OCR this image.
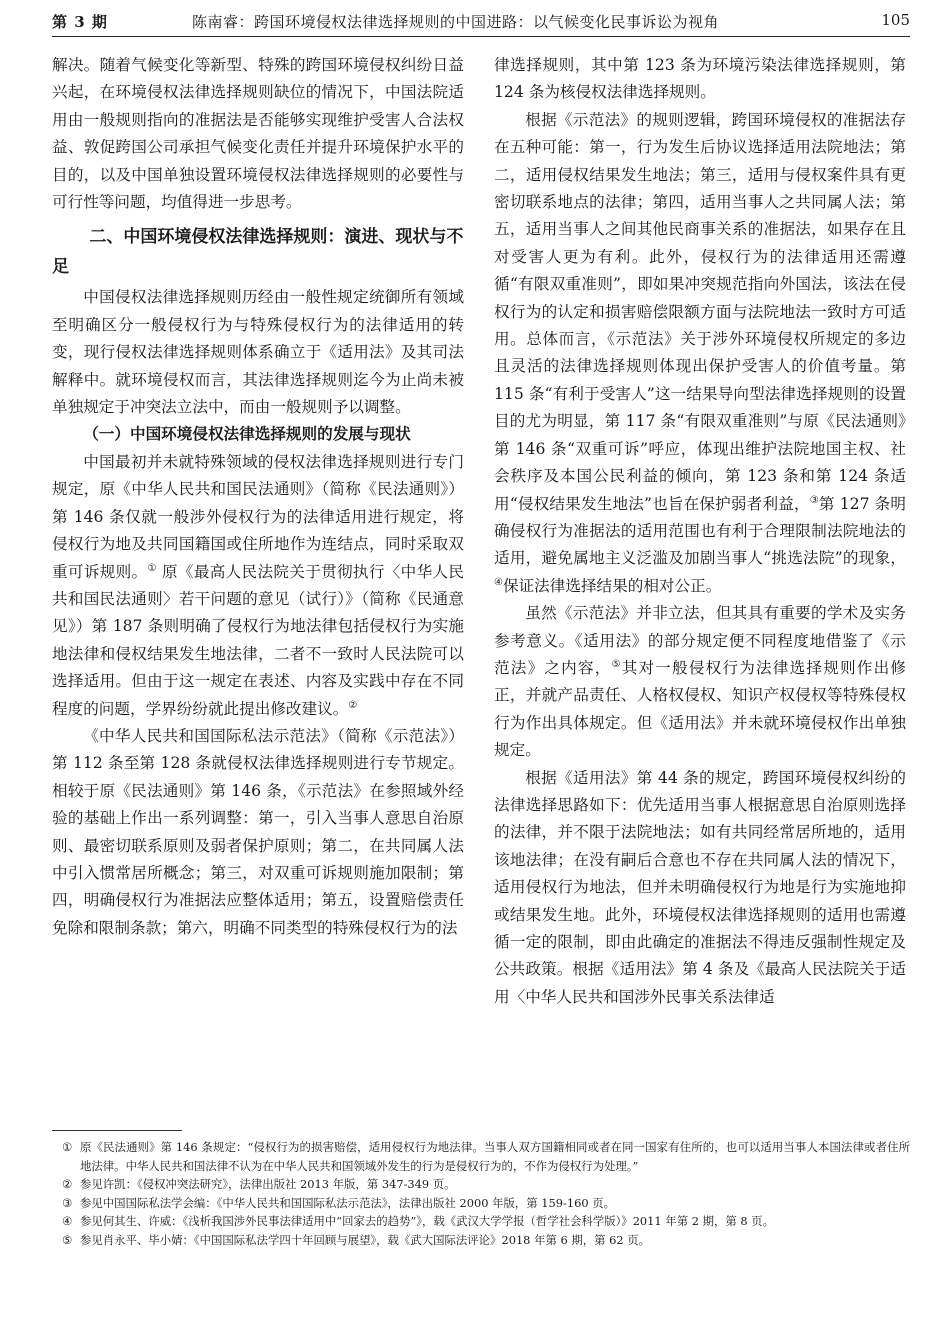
第 3 期	陈南睿：跨国环境侵权法律选择规则的中国进路：以气候变化民事诉讼为视角	105

解决。随着气候变化等新型、特殊的跨国环境侵权纠纷日益兴起，在环境侵权法律选择规则缺位的情况下，中国法院适用由一般规则指向的准据法是否能够实现维护受害人合法权益、敦促跨国公司承担气候变化责任并提升环境保护水平的目的，以及中国单独设置环境侵权法律选择规则的必要性与可行性等问题，均值得进一步思考。

二、中国环境侵权法律选择规则：演进、现状与不足

中国侵权法律选择规则历经由一般性规定统御所有领域至明确区分一般侵权行为与特殊侵权行为的法律适用的转变，现行侵权法律选择规则体系确立于《适用法》及其司法解释中。就环境侵权而言，其法律选择规则迄今为止尚未被单独规定于冲突法立法中，而由一般规则予以调整。

（一）中国环境侵权法律选择规则的发展与现状

中国最初并未就特殊领域的侵权法律选择规则进行专门规定，原《中华人民共和国民法通则》（简称《民法通则》）第 146 条仅就一般涉外侵权行为的法律适用进行规定，将侵权行为地及共同国籍国或住所地作为连结点，同时采取双重可诉规则。① 原《最高人民法院关于贯彻执行〈中华人民共和国民法通则〉若干问题的意见（试行）》（简称《民通意见》）第 187 条则明确了侵权行为地法律包括侵权行为实施地法律和侵权结果发生地法律，二者不一致时人民法院可以选择适用。但由于这一规定在表述、内容及实践中存在不同程度的问题，学界纷纷就此提出修改建议。②

《中华人民共和国国际私法示范法》（简称《示范法》）第 112 条至第 128 条就侵权法律选择规则进行专节规定。相较于原《民法通则》第 146 条，《示范法》在参照域外经验的基础上作出一系列调整：第一，引入当事人意思自治原则、最密切联系原则及弱者保护原则；第二，在共同属人法中引入惯常居所概念；第三，对双重可诉规则施加限制；第四，明确侵权行为准据法应整体适用；第五，设置赔偿责任免除和限制条款；第六，明确不同类型的特殊侵权行为的法

律选择规则，其中第 123 条为环境污染法律选择规则，第 124 条为核侵权法律选择规则。

根据《示范法》的规则逻辑，跨国环境侵权的准据法存在五种可能：第一，行为发生后协议选择适用法院地法；第二，适用侵权结果发生地法；第三，适用与侵权案件具有更密切联系地点的法律；第四，适用当事人之共同属人法；第五，适用当事人之间其他民商事关系的准据法，如果存在且对受害人更为有利。此外，侵权行为的法律适用还需遵循“有限双重准则”，即如果冲突规范指向外国法，该法在侵权行为的认定和损害赔偿限额方面与法院地法一致时方可适用。总体而言，《示范法》关于涉外环境侵权所规定的多边且灵活的法律选择规则体现出保护受害人的价值考量。第 115 条“有利于受害人”这一结果导向型法律选择规则的设置目的尤为明显，第 117 条“有限双重准则”与原《民法通则》第 146 条“双重可诉”呼应，体现出维护法院地国主权、社会秩序及本国公民利益的倾向，第 123 条和第 124 条适用“侵权结果发生地法”也旨在保护弱者利益，③第 127 条明确侵权行为准据法的适用范围也有利于合理限制法院地法的适用，避免属地主义泛滥及加剧当事人“挑选法院”的现象，④保证法律选择结果的相对公正。

虽然《示范法》并非立法，但其具有重要的学术及实务参考意义。《适用法》的部分规定便不同程度地借鉴了《示范法》之内容，⑤其对一般侵权行为法律选择规则作出修正，并就产品责任、人格权侵权、知识产权侵权等特殊侵权行为作出具体规定。但《适用法》并未就环境侵权作出单独规定。

根据《适用法》第 44 条的规定，跨国环境侵权纠纷的法律选择思路如下：优先适用当事人根据意思自治原则选择的法律，并不限于法院地法；如有共同经常居所地的，适用该地法律；在没有嗣后合意也不存在共同属人法的情况下，适用侵权行为地法，但并未明确侵权行为地是行为实施地抑或结果发生地。此外，环境侵权法律选择规则的适用也需遵循一定的限制，即由此确定的准据法不得违反强制性规定及公共政策。根据《适用法》第 4 条及《最高人民法院关于适用〈中华人民共和国涉外民事关系法律适

① 原《民法通则》第 146 条规定：“侵权行为的损害赔偿，适用侵权行为地法律。当事人双方国籍相同或者在同一国家有住所的，也可以适用当事人本国法律或者住所地法律。中华人民共和国法律不认为在中华人民共和国领域外发生的行为是侵权行为的，不作为侵权行为处理。”

② 参见许凯：《侵权冲突法研究》，法律出版社 2013 年版，第 347-349 页。

③ 参见中国国际私法学会编：《中华人民共和国国际私法示范法》，法律出版社 2000 年版，第 159-160 页。

④ 参见何其生、许威：《浅析我国涉外民事法律适用中“回家去的趋势”》，载《武汉大学学报（哲学社会科学版）》2011 年第 2 期，第 8 页。

⑤ 参见肖永平、毕小婧：《中国国际私法学四十年回顾与展望》，载《武大国际法评论》2018 年第 6 期，第 62 页。
